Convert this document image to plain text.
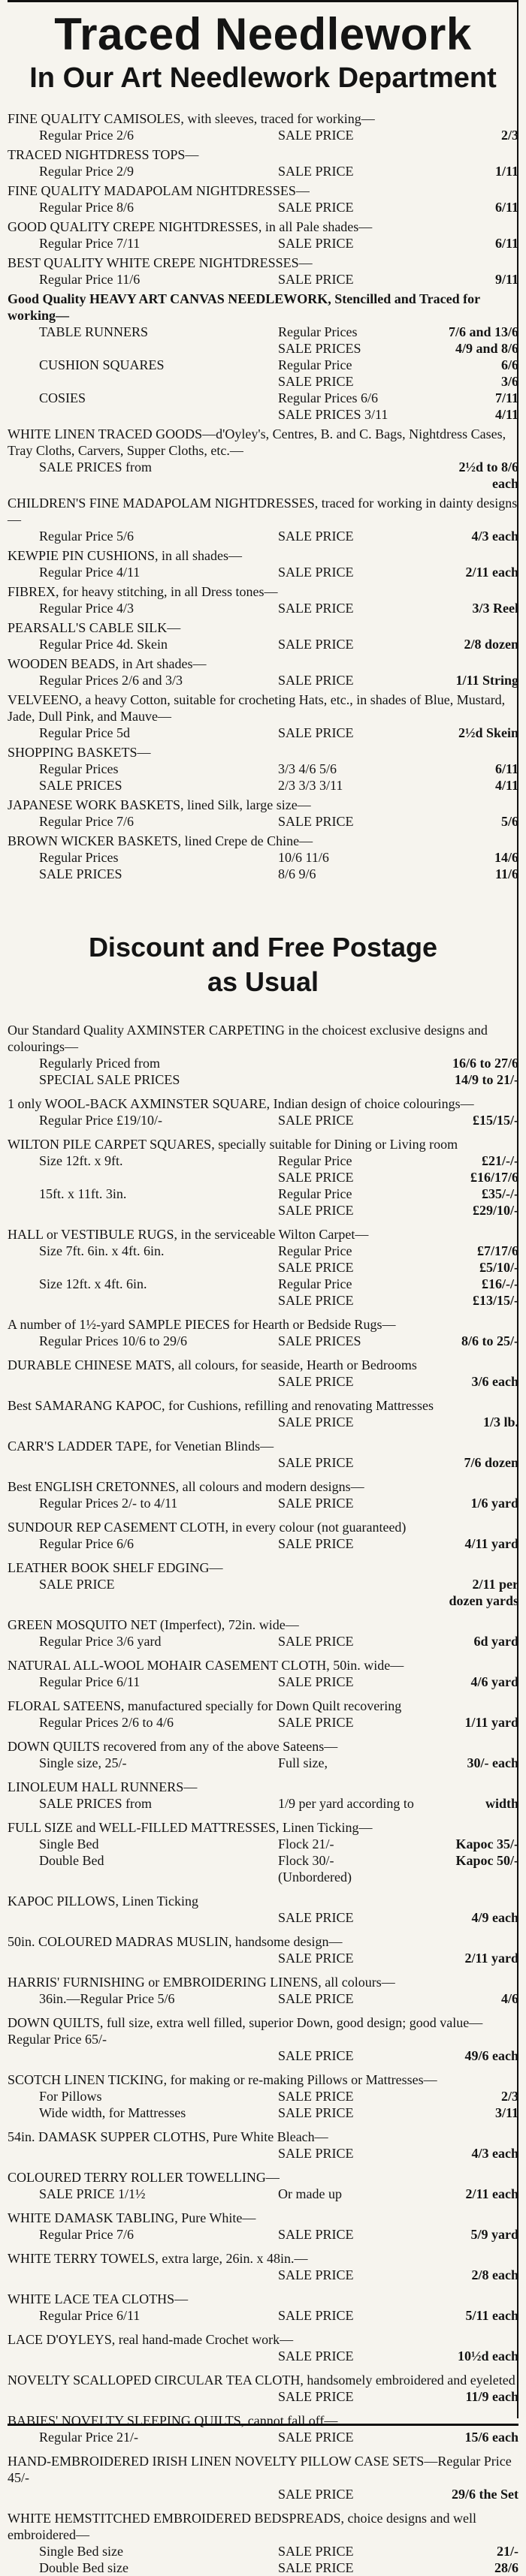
Traced Needlework
In Our Art Needlework Department
FINE QUALITY CAMISOLES, with sleeves, traced for working—
Regular Price 2/6	SALE PRICE	2/3
TRACED NIGHTDRESS TOPS—
Regular Price 2/9	SALE PRICE	1/11
FINE QUALITY MADAPOLAM NIGHTDRESSES—
Regular Price 8/6	SALE PRICE	6/11
GOOD QUALITY CREPE NIGHTDRESSES, in all Pale shades—
Regular Price 7/11	SALE PRICE	6/11
BEST QUALITY WHITE CREPE NIGHTDRESSES—
Regular Price 11/6	SALE PRICE	9/11
Good Quality HEAVY ART CANVAS NEEDLEWORK, Stencilled and Traced for working—
TABLE RUNNERS	Regular Prices	7/6 and 13/6
SALE PRICES	4/9 and 8/6
CUSHION SQUARES	Regular Price	6/6
SALE PRICE	3/6
COSIES	Regular Prices 6/6	7/11
SALE PRICES 3/11	4/11
WHITE LINEN TRACED GOODS—d'Oyley's, Centres, B. and C. Bags, Nightdress Cases, Tray Cloths, Carvers, Supper Cloths, etc.—
SALE PRICES from	2½d to 8/6 each
CHILDREN'S FINE MADAPOLAM NIGHTDRESSES, traced for working in dainty designs—
Regular Price 5/6	SALE PRICE	4/3 each
KEWPIE PIN CUSHIONS, in all shades—
Regular Price 4/11	SALE PRICE	2/11 each
FIBREX, for heavy stitching, in all Dress tones—
Regular Price 4/3	SALE PRICE	3/3 Reel
PEARSALL'S CABLE SILK—
Regular Price 4d. Skein	SALE PRICE	2/8 dozen
WOODEN BEADS, in Art shades—
Regular Prices 2/6 and 3/3	SALE PRICE	1/11 String
VELVEENO, a heavy Cotton, suitable for crocheting Hats, etc., in shades of Blue, Mustard, Jade, Dull Pink, and Mauve—
Regular Price 5d	SALE PRICE	2½d Skein
SHOPPING BASKETS—
Regular Prices	3/3 4/6 5/6	6/11
SALE PRICES	2/3 3/3 3/11	4/11
JAPANESE WORK BASKETS, lined Silk, large size—
Regular Price 7/6	SALE PRICE	5/6
BROWN WICKER BASKETS, lined Crepe de Chine—
Regular Prices	10/6 11/6	14/6
SALE PRICES	8/6 9/6	11/6
Discount and Free Postage
as Usual
Our Standard Quality AXMINSTER CARPETING in the choicest exclusive designs and colourings—
Regularly Priced from	16/6 to 27/6
SPECIAL SALE PRICES	14/9 to 21/-
1 only WOOL-BACK AXMINSTER SQUARE, Indian design of choice colourings—
Regular Price £19/10/-	SALE PRICE	£15/15/-
WILTON PILE CARPET SQUARES, specially suitable for Dining or Living room
Size 12ft. x 9ft.	Regular Price	£21/-/-
SALE PRICE	£16/17/6
15ft. x 11ft. 3in.	Regular Price	£35/-/-
SALE PRICE	£29/10/-
HALL or VESTIBULE RUGS, in the serviceable Wilton Carpet—
Size 7ft. 6in. x 4ft. 6in.	Regular Price	£7/17/6
SALE PRICE	£5/10/-
Size 12ft. x 4ft. 6in.	Regular Price	£16/-/-
SALE PRICE	£13/15/-
A number of 1½-yard SAMPLE PIECES for Hearth or Bedside Rugs—
Regular Prices 10/6 to 29/6	SALE PRICES	8/6 to 25/-
DURABLE CHINESE MATS, all colours, for seaside, Hearth or Bedrooms
SALE PRICE	3/6 each
Best SAMARANG KAPOC, for Cushions, refilling and renovating Mattresses
SALE PRICE	1/3 lb.
CARR'S LADDER TAPE, for Venetian Blinds—
SALE PRICE	7/6 dozen
Best ENGLISH CRETONNES, all colours and modern designs—
Regular Prices 2/- to 4/11	SALE PRICE	1/6 yard
SUNDOUR REP CASEMENT CLOTH, in every colour (not guaranteed)
Regular Price 6/6	SALE PRICE	4/11 yard
LEATHER BOOK SHELF EDGING—
SALE PRICE	2/11 per dozen yards
GREEN MOSQUITO NET (Imperfect), 72in. wide—
Regular Price 3/6 yard	SALE PRICE	6d yard
NATURAL ALL-WOOL MOHAIR CASEMENT CLOTH, 50in. wide—
Regular Price 6/11	SALE PRICE	4/6 yard
FLORAL SATEENS, manufactured specially for Down Quilt recovering
Regular Prices 2/6 to 4/6	SALE PRICE	1/11 yard
DOWN QUILTS recovered from any of the above Sateens—
Single size, 25/-	Full size,	30/- each
LINOLEUM HALL RUNNERS—
SALE PRICES from	1/9 per yard according to	width
FULL SIZE and WELL-FILLED MATTRESSES, Linen Ticking—
Single Bed	Flock 21/-	Kapoc 35/-
Double Bed	Flock 30/-	Kapoc 50/-
(Unbordered)
KAPOC PILLOWS, Linen Ticking
SALE PRICE	4/9 each
50in. COLOURED MADRAS MUSLIN, handsome design—
SALE PRICE	2/11 yard
HARRIS' FURNISHING or EMBROIDERING LINENS, all colours—
36in.—Regular Price 5/6	SALE PRICE	4/6
DOWN QUILTS, full size, extra well filled, superior Down, good design; good value—Regular Price 65/-
SALE PRICE	49/6 each
SCOTCH LINEN TICKING, for making or re-making Pillows or Mattresses—
For Pillows	SALE PRICE	2/3
Wide width, for Mattresses	SALE PRICE	3/11
54in. DAMASK SUPPER CLOTHS, Pure White Bleach—
SALE PRICE	4/3 each
COLOURED TERRY ROLLER TOWELLING—
SALE PRICE 1/1½	Or made up	2/11 each
WHITE DAMASK TABLING, Pure White—
Regular Price 7/6	SALE PRICE	5/9 yard
WHITE TERRY TOWELS, extra large, 26in. x 48in.—
SALE PRICE	2/8 each
WHITE LACE TEA CLOTHS—
Regular Price 6/11	SALE PRICE	5/11 each
LACE D'OYLEYS, real hand-made Crochet work—
SALE PRICE	10½d each
NOVELTY SCALLOPED CIRCULAR TEA CLOTH, handsomely embroidered and eyeleted
SALE PRICE	11/9 each
BABIES' NOVELTY SLEEPING QUILTS, cannot fall off—
Regular Price 21/-	SALE PRICE	15/6 each
HAND-EMBROIDERED IRISH LINEN NOVELTY PILLOW CASE SETS—Regular Price 45/-
SALE PRICE	29/6 the Set
WHITE HEMSTITCHED EMBROIDERED BEDSPREADS, choice designs and well embroidered—
Single Bed size	SALE PRICE	21/-
Double Bed size	SALE PRICE	28/6
